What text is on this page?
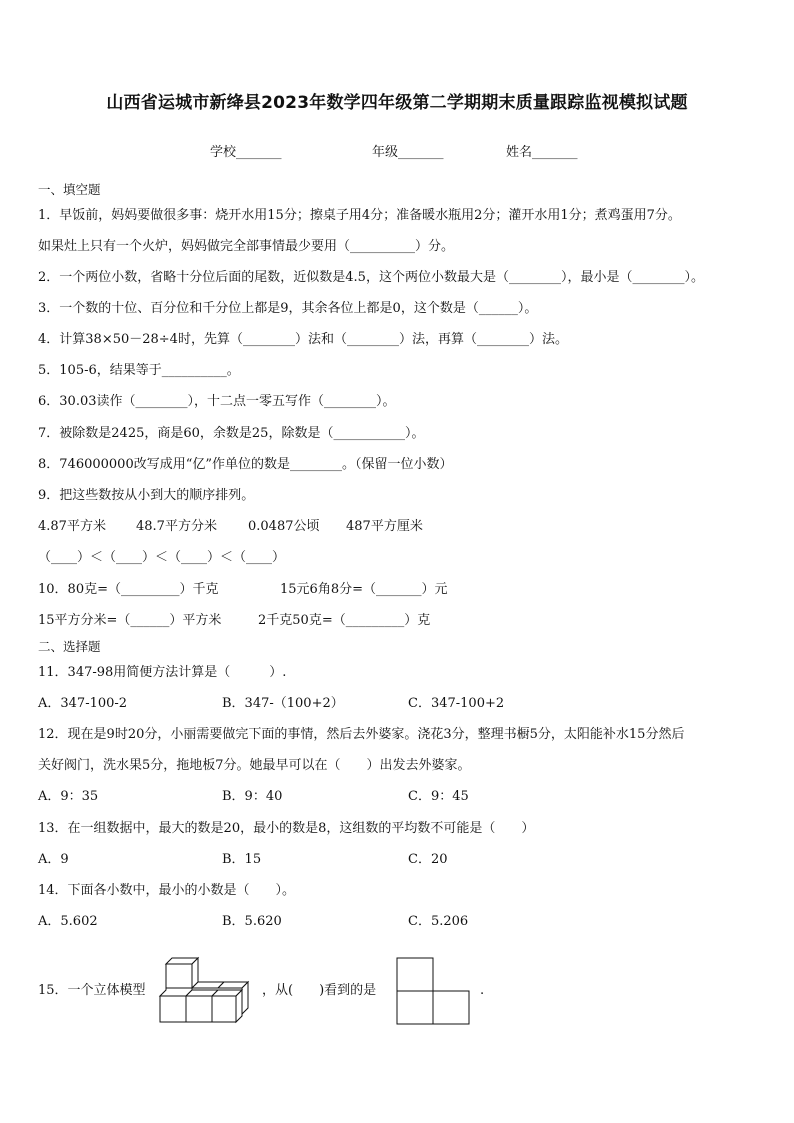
山西省运城市新绛县2023年数学四年级第二学期期末质量跟踪监视模拟试题
学校_______	年级_______	姓名_______
一、填空题
1．早饭前，妈妈要做很多事：烧开水用15分；擦桌子用4分；准备暖水瓶用2分；灌开水用1分；煮鸡蛋用7分。
如果灶上只有一个火炉，妈妈做完全部事情最少要用（__________）分。
2．一个两位小数，省略十分位后面的尾数，近似数是4.5，这个两位小数最大是（________），最小是（________）。
3．一个数的十位、百分位和千分位上都是9，其余各位上都是0，这个数是（______）。
4．计算38×50－28÷4时，先算（________）法和（________）法，再算（________）法。
5．105-6，结果等于__________。
6．30.03读作（________），十二点一零五写作（________）。
7．被除数是2425，商是60，余数是25，除数是（___________）。
8．746000000改写成用“亿”作单位的数是________。（保留一位小数）
9．把这些数按从小到大的顺序排列。
4.87平方米 48.7平方分米 0.0487公顷 487平方厘米
（____）＜（____）＜（____）＜（____）
10．80克=（_________）千克	15元6角8分=（_______）元
15平方分米=（______）平方米	2千克50克=（_________）克
二、选择题
11．347-98用简便方法计算是（　　　）.
A．347-100-2	B．347-（100+2）	C．347-100+2
12．现在是9时20分，小丽需要做完下面的事情，然后去外婆家。浇花3分，整理书橱5分，太阳能补水15分然后
关好阀门，洗水果5分，拖地板7分。她最早可以在（　　）出发去外婆家。
A．9：35	B．9：40	C．9：45
13．在一组数据中，最大的数是20，最小的数是8，这组数的平均数不可能是（　　）
A．9	B．15	C．20
14．下面各小数中，最小的小数是（　　）。
A．5.602	B．5.620	C．5.206
15．一个立体模型	，从(　　)看到的是	.
